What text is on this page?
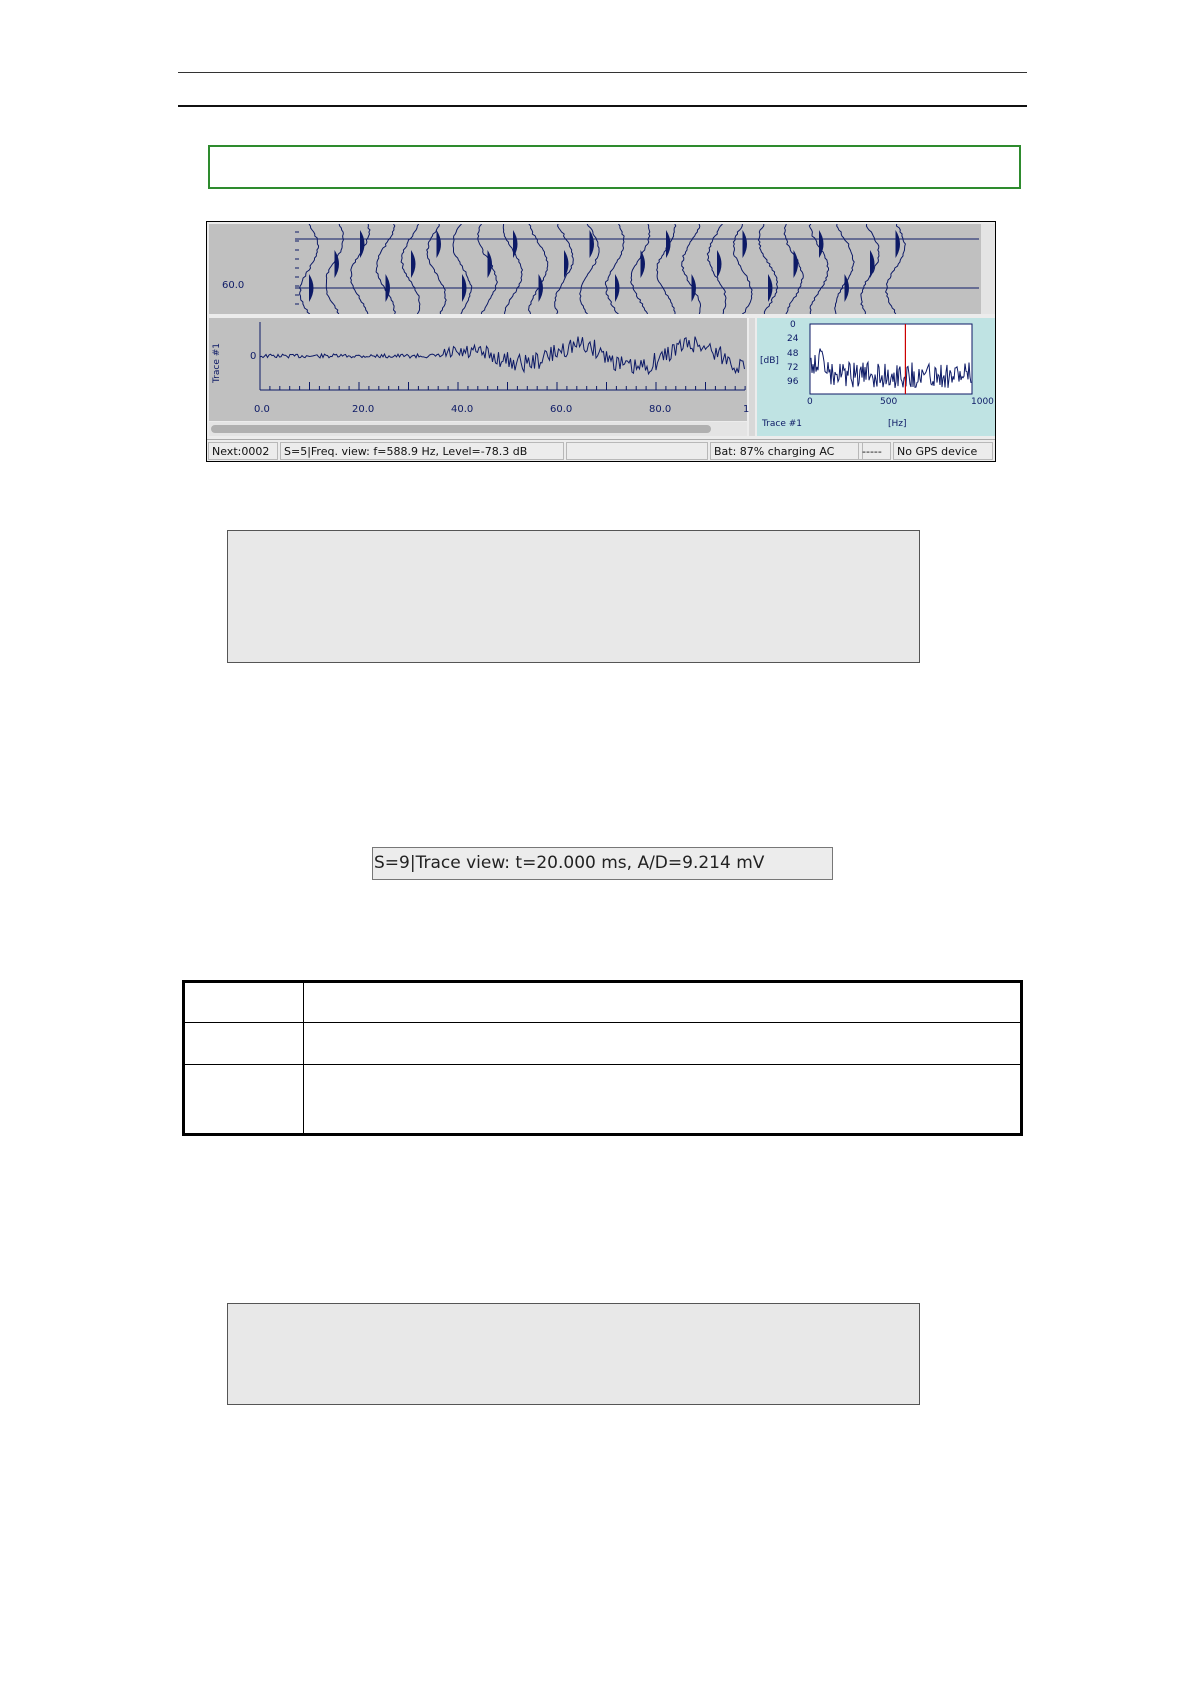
60.0
Trace #1	0
0.0	20.0	40.0	60.0	80.0	1
0
24
48
72
96
[dB]
0	500	1000
Trace #1	[Hz]
Next:0002	S=5|Freq. view: f=588.9 Hz, Level=-78.3 dB	Bat: 87% charging AC	-----	No GPS device
S=9|Trace view: t=20.000 ms, A/D=9.214 mV
